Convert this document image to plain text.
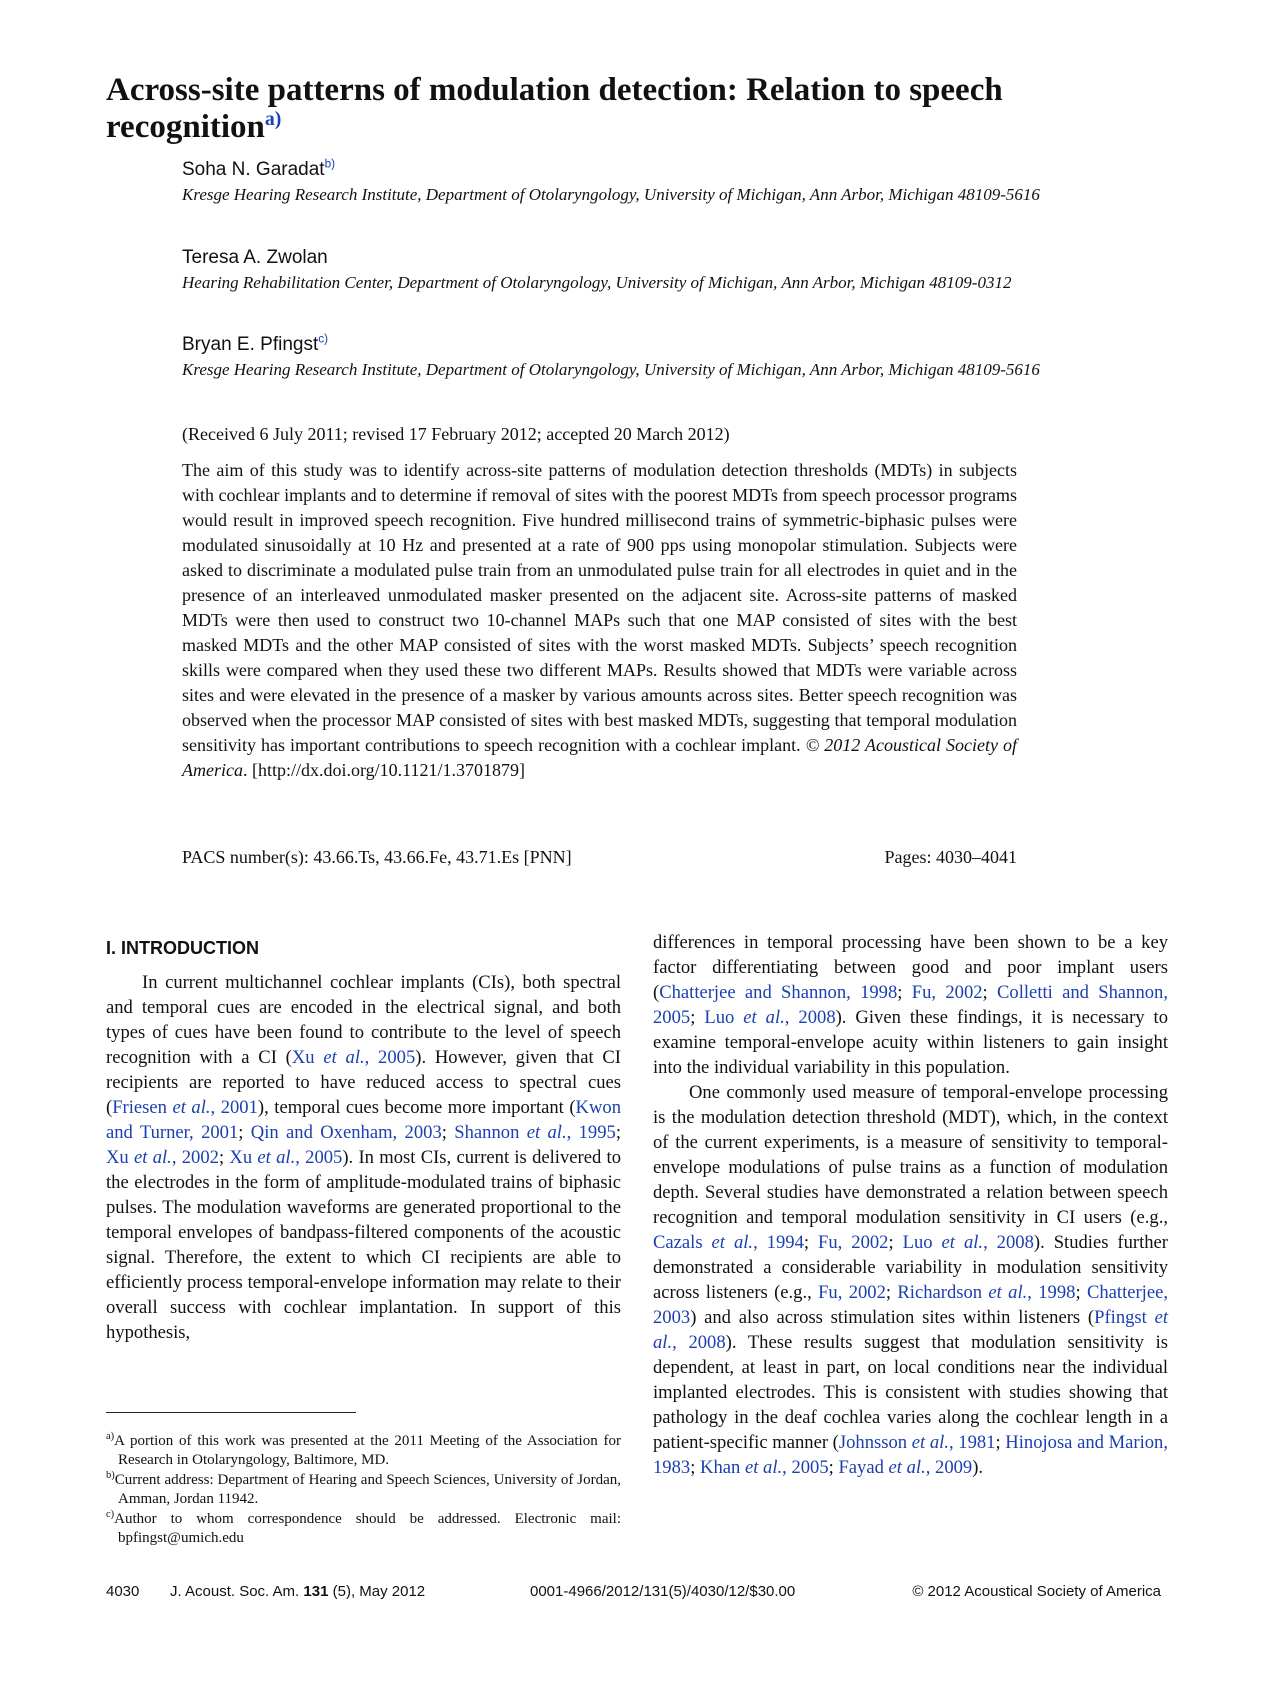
Across-site patterns of modulation detection: Relation to speech recognition$^{a)}$
Soha N. Garadat$^{b)}$
Kresge Hearing Research Institute, Department of Otolaryngology, University of Michigan, Ann Arbor, Michigan 48109-5616
Teresa A. Zwolan
Hearing Rehabilitation Center, Department of Otolaryngology, University of Michigan, Ann Arbor, Michigan 48109-0312
Bryan E. Pfingst$^{c)}$
Kresge Hearing Research Institute, Department of Otolaryngology, University of Michigan, Ann Arbor, Michigan 48109-5616
(Received 6 July 2011; revised 17 February 2012; accepted 20 March 2012)
The aim of this study was to identify across-site patterns of modulation detection thresholds (MDTs) in subjects with cochlear implants and to determine if removal of sites with the poorest MDTs from speech processor programs would result in improved speech recognition. Five hundred millisecond trains of symmetric-biphasic pulses were modulated sinusoidally at 10 Hz and presented at a rate of 900 pps using monopolar stimulation. Subjects were asked to discriminate a modulated pulse train from an unmodulated pulse train for all electrodes in quiet and in the presence of an interleaved unmodulated masker presented on the adjacent site. Across-site patterns of masked MDTs were then used to construct two 10-channel MAPs such that one MAP consisted of sites with the best masked MDTs and the other MAP consisted of sites with the worst masked MDTs. Subjects’ speech recognition skills were compared when they used these two different MAPs. Results showed that MDTs were variable across sites and were elevated in the presence of a masker by various amounts across sites. Better speech recognition was observed when the processor MAP consisted of sites with best masked MDTs, suggesting that temporal modulation sensitivity has important contributions to speech recognition with a cochlear implant. © 2012 Acoustical Society of America. [http://dx.doi.org/10.1121/1.3701879]
PACS number(s): 43.66.Ts, 43.66.Fe, 43.71.Es [PNN]	Pages: 4030–4041
I. INTRODUCTION

In current multichannel cochlear implants (CIs), both spectral and temporal cues are encoded in the electrical signal, and both types of cues have been found to contribute to the level of speech recognition with a CI (Xu et al., 2005). However, given that CI recipients are reported to have reduced access to spectral cues (Friesen et al., 2001), temporal cues become more important (Kwon and Turner, 2001; Qin and Oxenham, 2003; Shannon et al., 1995; Xu et al., 2002; Xu et al., 2005). In most CIs, current is delivered to the electrodes in the form of amplitude-modulated trains of biphasic pulses. The modulation waveforms are generated proportional to the temporal envelopes of bandpass-filtered components of the acoustic signal. Therefore, the extent to which CI recipients are able to efficiently process temporal-envelope information may relate to their overall success with cochlear implantation. In support of this hypothesis,

differences in temporal processing have been shown to be a key factor differentiating between good and poor implant users (Chatterjee and Shannon, 1998; Fu, 2002; Colletti and Shannon, 2005; Luo et al., 2008). Given these findings, it is necessary to examine temporal-envelope acuity within listeners to gain insight into the individual variability in this population.

One commonly used measure of temporal-envelope processing is the modulation detection threshold (MDT), which, in the context of the current experiments, is a measure of sensitivity to temporal-envelope modulations of pulse trains as a function of modulation depth. Several studies have demonstrated a relation between speech recognition and temporal modulation sensitivity in CI users (e.g., Cazals et al., 1994; Fu, 2002; Luo et al., 2008). Studies further demonstrated a considerable variability in modulation sensitivity across listeners (e.g., Fu, 2002; Richardson et al., 1998; Chatterjee, 2003) and also across stimulation sites within listeners (Pfingst et al., 2008). These results suggest that modulation sensitivity is dependent, at least in part, on local conditions near the individual implanted electrodes. This is consistent with studies showing that pathology in the deaf cochlea varies along the cochlear length in a patient-specific manner (Johnsson et al., 1981; Hinojosa and Marion, 1983; Khan et al., 2005; Fayad et al., 2009).

$^{a)}$A portion of this work was presented at the 2011 Meeting of the Association for Research in Otolaryngology, Baltimore, MD.

$^{b)}$Current address: Department of Hearing and Speech Sciences, University of Jordan, Amman, Jordan 11942.

$^{c)}$Author to whom correspondence should be addressed. Electronic mail: bpfingst@umich.edu

4030 J. Acoust. Soc. Am. 131 (5), May 2012	0001-4966/2012/131(5)/4030/12/$30.00	© 2012 Acoustical Society of America
